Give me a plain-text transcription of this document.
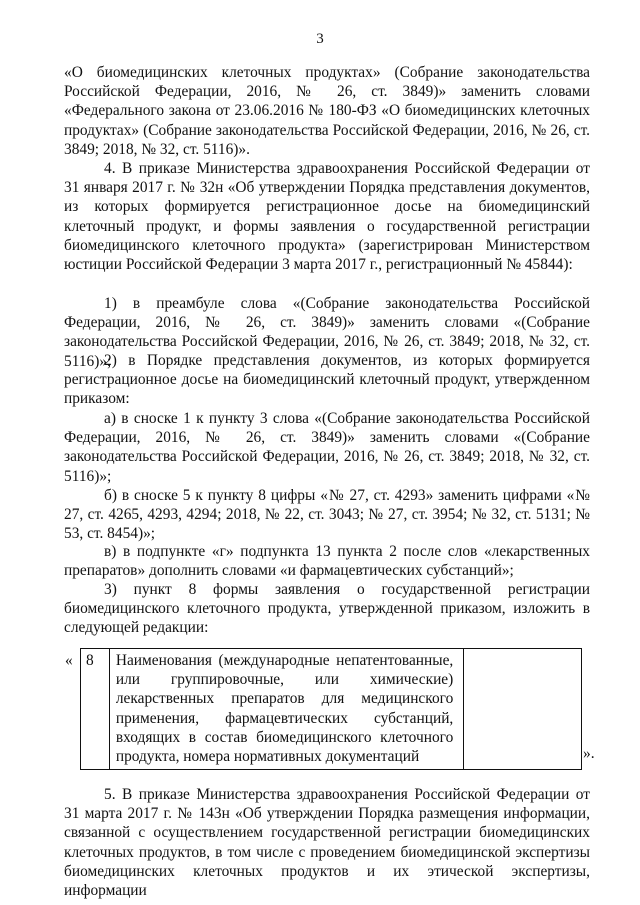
3

«О биомедицинских клеточных продуктах» (Собрание законодательства Российской Федерации, 2016, № 26, ст. 3849)» заменить словами «Федерального закона от 23.06.2016 № 180-ФЗ «О биомедицинских клеточных продуктах» (Собрание законодательства Российской Федерации, 2016, № 26, ст. 3849; 2018, № 32, ст. 5116)».

4. В приказе Министерства здравоохранения Российской Федерации от 31 января 2017 г. № 32н «Об утверждении Порядка представления документов, из которых формируется регистрационное досье на биомедицинский клеточный продукт, и формы заявления о государственной регистрации биомедицинского клеточного продукта» (зарегистрирован Министерством юстиции Российской Федерации 3 марта 2017 г., регистрационный № 45844):

1) в преамбуле слова «(Собрание законодательства Российской Федерации, 2016, № 26, ст. 3849)» заменить словами «(Собрание законодательства Российской Федерации, 2016, № 26, ст. 3849; 2018, № 32, ст. 5116)»;

2) в Порядке представления документов, из которых формируется регистрационное досье на биомедицинский клеточный продукт, утвержденном приказом:

а) в сноске 1 к пункту 3 слова «(Собрание законодательства Российской Федерации, 2016, № 26, ст. 3849)» заменить словами «(Собрание законодательства Российской Федерации, 2016, № 26, ст. 3849; 2018, № 32, ст. 5116)»;

б) в сноске 5 к пункту 8 цифры «№ 27, ст. 4293» заменить цифрами «№ 27, ст. 4265, 4293, 4294; 2018, № 22, ст. 3043; № 27, ст. 3954; № 32, ст. 5131; № 53, ст. 8454)»;

в) в подпункте «г» подпункта 13 пункта 2 после слов «лекарственных препаратов» дополнить словами «и фармацевтических субстанций»;

3) пункт 8 формы заявления о государственной регистрации биомедицинского клеточного продукта, утвержденной приказом, изложить в следующей редакции:

« 8	Наименования (международные непатентованные, или группировочные, или химические) лекарственных препаратов для медицинского применения, фармацевтических субстанций, входящих в состав биомедицинского клеточного продукта, номера нормативных документаций		».

5. В приказе Министерства здравоохранения Российской Федерации от 31 марта 2017 г. № 143н «Об утверждении Порядка размещения информации, связанной с осуществлением государственной регистрации биомедицинских клеточных продуктов, в том числе с проведением биомедицинской экспертизы биомедицинских клеточных продуктов и их этической экспертизы, информации
